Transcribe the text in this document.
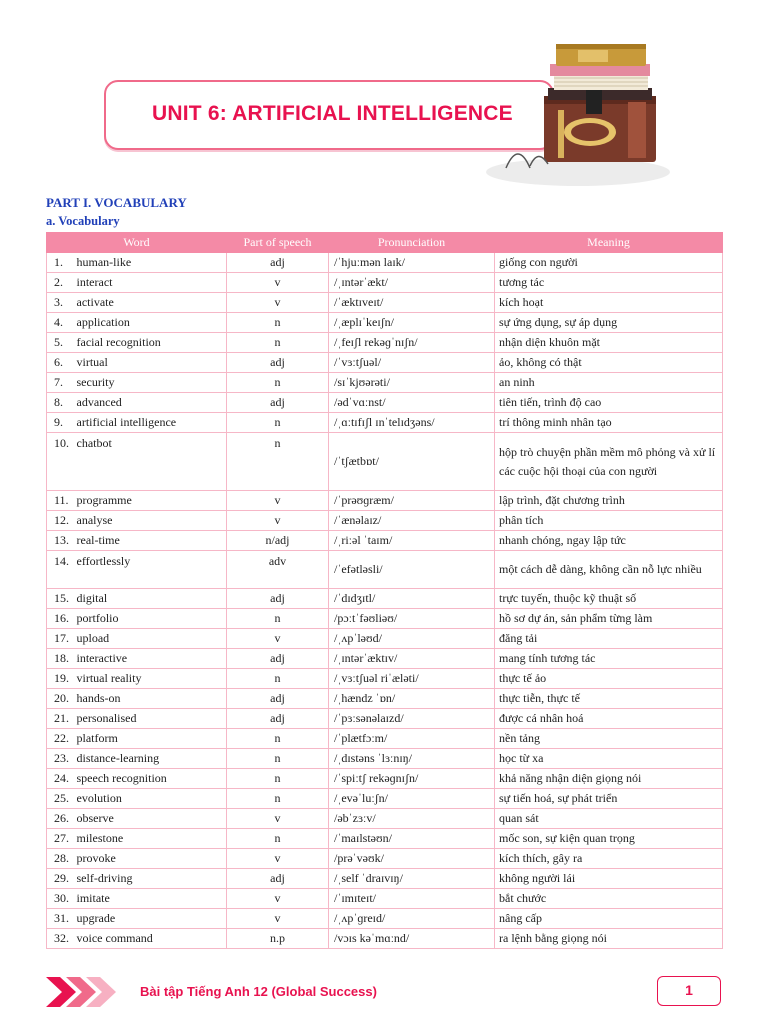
UNIT 6: ARTIFICIAL INTELLIGENCE
PART I. VOCABULARY
a. Vocabulary
Word		Part of speech	Pronunciation	Meaning
1.	human-like	adj	/ˈhjuːmən laɪk/	giống con người
2.	interact	v	/ˌɪntərˈækt/	tương tác
3.	activate	v	/ˈæktɪveɪt/	kích hoạt
4.	application	n	/ˌæplɪˈkeɪʃn/	sự ứng dụng, sự áp dụng
5.	facial recognition	n	/ˌfeɪʃl rekəɡˈnɪʃn/	nhận diện khuôn mặt
6.	virtual	adj	/ˈvɜːtʃuəl/	ảo, không có thật
7.	security	n	/sɪˈkjʊərəti/	an ninh
8.	advanced	adj	/ədˈvɑːnst/	tiên tiến, trình độ cao
9.	artificial intelligence	n	/ˌɑːtɪfɪʃl ɪnˈtelɪdʒəns/	trí thông minh nhân tạo
10.	chatbot	n	/ˈtʃætbɒt/	hộp trò chuyện phần mềm mô phỏng và xử lí các cuộc hội thoại của con người
11.	programme	v	/ˈprəʊɡræm/	lập trình, đặt chương trình
12.	analyse	v	/ˈænəlaɪz/	phân tích
13.	real-time	n/adj	/ˌriːəl ˈtaɪm/	nhanh chóng, ngay lập tức
14.	effortlessly	adv	/ˈefətləsli/	một cách dễ dàng, không cần nỗ lực nhiều
15.	digital	adj	/ˈdɪdʒɪtl/	trực tuyến, thuộc kỹ thuật số
16.	portfolio	n	/pɔːtˈfəʊliəʊ/	hồ sơ dự án, sản phẩm từng làm
17.	upload	v	/ˌʌpˈləʊd/	đăng tải
18.	interactive	adj	/ˌɪntərˈæktɪv/	mang tính tương tác
19.	virtual reality	n	/ˌvɜːtʃuəl riˈæləti/	thực tế ảo
20.	hands-on	adj	/ˌhændz ˈɒn/	thực tiễn, thực tế
21.	personalised	adj	/ˈpɜːsənəlaɪzd/	được cá nhân hoá
22.	platform	n	/ˈplætfɔːm/	nền tảng
23.	distance-learning	n	/ˌdɪstəns ˈlɜːnɪŋ/	học từ xa
24.	speech recognition	n	/ˈspiːtʃ rekəɡnɪʃn/	khả năng nhận diện giọng nói
25.	evolution	n	/ˌevəˈluːʃn/	sự tiến hoá, sự phát triển
26.	observe	v	/əbˈzɜːv/	quan sát
27.	milestone	n	/ˈmaɪlstəʊn/	mốc son, sự kiện quan trọng
28.	provoke	v	/prəˈvəʊk/	kích thích, gây ra
29.	self-driving	adj	/ˌself ˈdraɪvɪŋ/	không người lái
30.	imitate	v	/ˈɪmɪteɪt/	bắt chước
31.	upgrade	v	/ˌʌpˈɡreɪd/	nâng cấp
32.	voice command	n.p	/vɔɪs kəˈmɑːnd/	ra lệnh bằng giọng nói
Bài tập Tiếng Anh 12 (Global Success)	1
